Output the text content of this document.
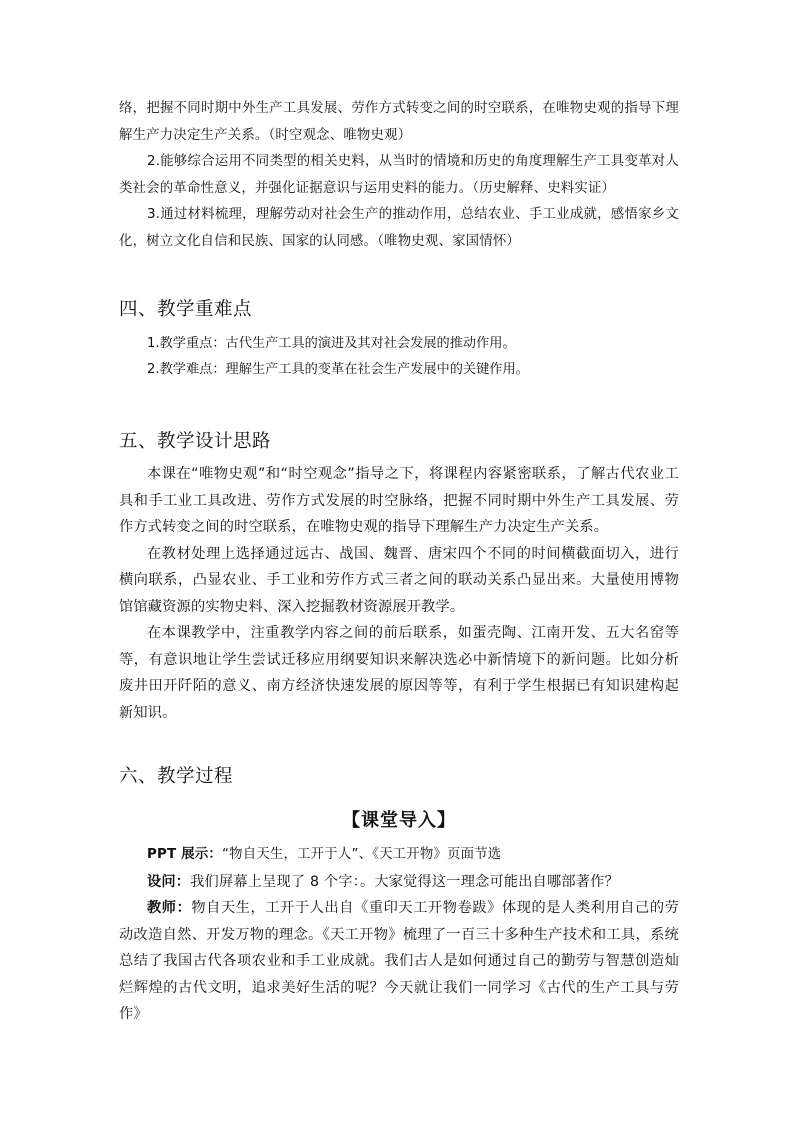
络，把握不同时期中外生产工具发展、劳作方式转变之间的时空联系，在唯物史观的指导下理解生产力决定生产关系。（时空观念、唯物史观）

2.能够综合运用不同类型的相关史料，从当时的情境和历史的角度理解生产工具变革对人类社会的革命性意义，并强化证据意识与运用史料的能力。（历史解释、史料实证）

3.通过材料梳理，理解劳动对社会生产的推动作用，总结农业、手工业成就，感悟家乡文化，树立文化自信和民族、国家的认同感。（唯物史观、家国情怀）

四、教学重难点
1.教学重点：古代生产工具的演进及其对社会发展的推动作用。
2.教学难点：理解生产工具的变革在社会生产发展中的关键作用。
五、教学设计思路

本课在“唯物史观”和“时空观念”指导之下，将课程内容紧密联系，了解古代农业工具和手工业工具改进、劳作方式发展的时空脉络，把握不同时期中外生产工具发展、劳作方式转变之间的时空联系，在唯物史观的指导下理解生产力决定生产关系。

在教材处理上选择通过远古、战国、魏晋、唐宋四个不同的时间横截面切入，进行横向联系，凸显农业、手工业和劳作方式三者之间的联动关系凸显出来。大量使用博物馆馆藏资源的实物史料、深入挖掘教材资源展开教学。

在本课教学中，注重教学内容之间的前后联系，如蛋壳陶、江南开发、五大名窑等等，有意识地让学生尝试迁移应用纲要知识来解决选必中新情境下的新问题。比如分析废井田开阡陌的意义、南方经济快速发展的原因等等，有利于学生根据已有知识建构起新知识。

六、教学过程
【课堂导入】

PPT 展示：“物自天生，工开于人”、《天工开物》页面节选

设问：我们屏幕上呈现了 8 个字：。大家觉得这一理念可能出自哪部著作？

教师：物自天生，工开于人出自《重印天工开物卷跋》体现的是人类利用自己的劳动改造自然、开发万物的理念。《天工开物》梳理了一百三十多种生产技术和工具，系统总结了我国古代各项农业和手工业成就。我们古人是如何通过自己的勤劳与智慧创造灿烂辉煌的古代文明，追求美好生活的呢？今天就让我们一同学习《古代的生产工具与劳作》
